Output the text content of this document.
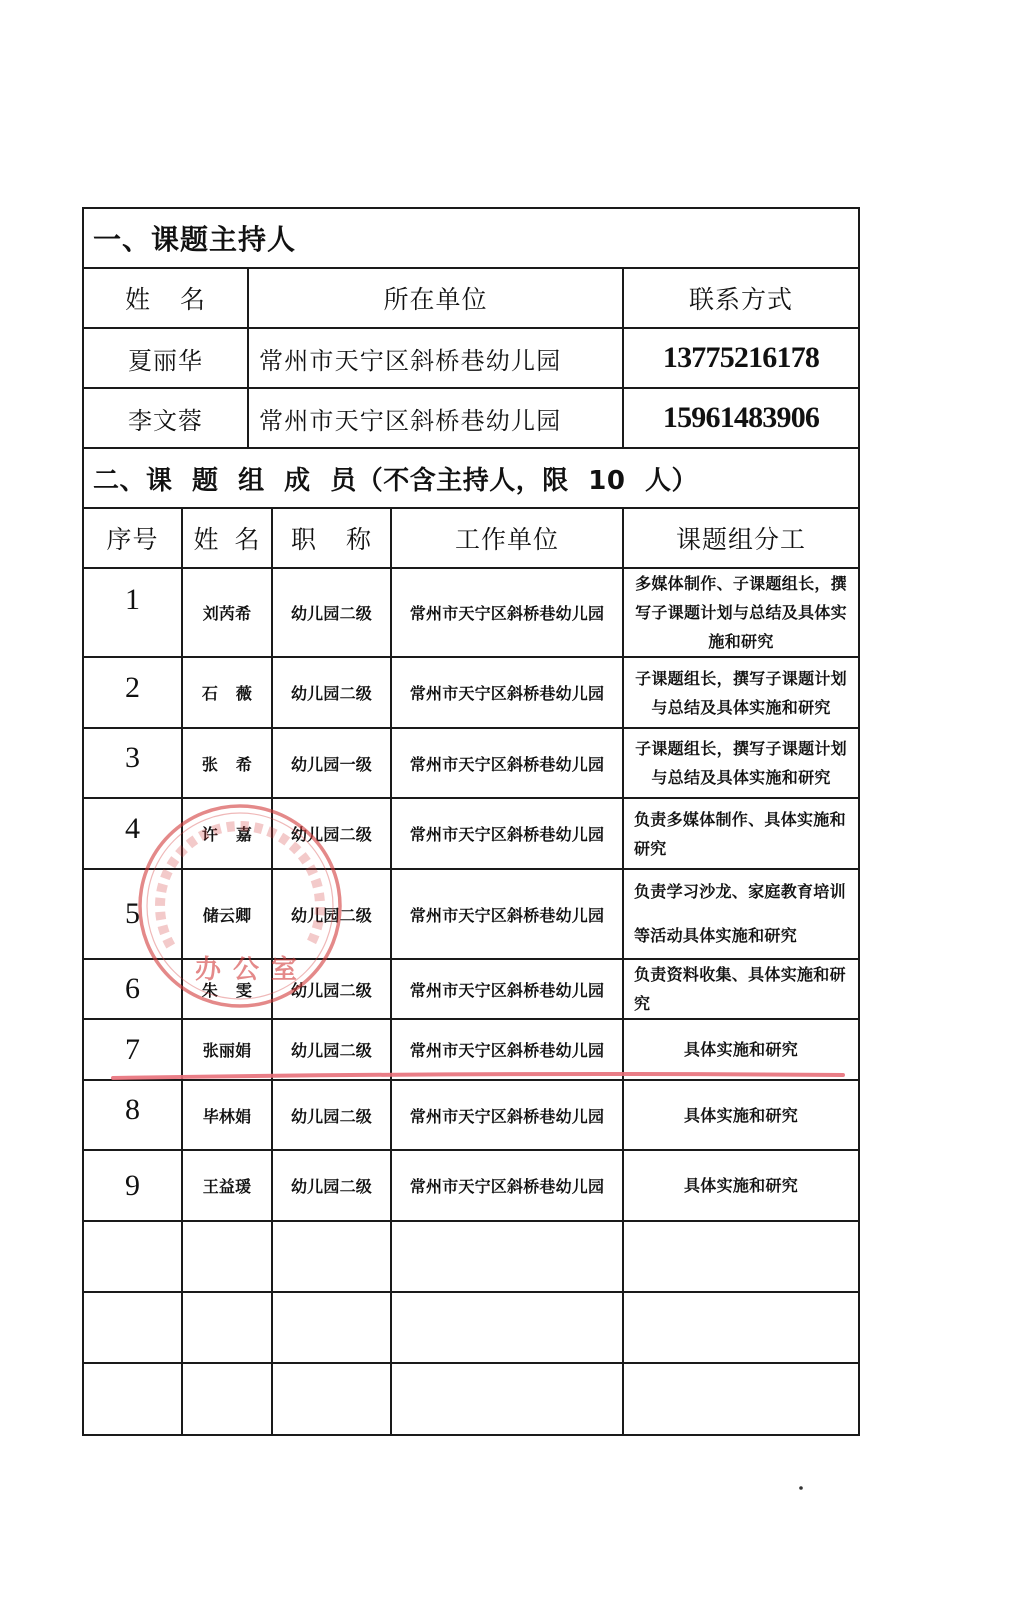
一、课题主持人		
姓 名	所在单位	联系方式
夏丽华	常州市天宁区斜桥巷幼儿园	13775216178
李文蓉	常州市天宁区斜桥巷幼儿园	15961483906
二、课 题 组 成 员（不含主持人，限 10 人）				
序号	姓 名	职 称	工作单位	课题组分工
1	刘芮希	幼儿园二级	常州市天宁区斜桥巷幼儿园	多媒体制作、子课题组长，撰写子课题计划与总结及具体实施和研究
2	石 薇	幼儿园二级	常州市天宁区斜桥巷幼儿园	子课题组长，撰写子课题计划与总结及具体实施和研究
3	张 希	幼儿园一级	常州市天宁区斜桥巷幼儿园	子课题组长，撰写子课题计划与总结及具体实施和研究
4	许 嘉	幼儿园二级	常州市天宁区斜桥巷幼儿园	负责多媒体制作、具体实施和研究
5	储云卿	幼儿园二级	常州市天宁区斜桥巷幼儿园	负责学习沙龙、家庭教育培训等活动具体实施和研究
6	朱 雯	幼儿园二级	常州市天宁区斜桥巷幼儿园	负责资料收集、具体实施和研究
7	张丽娟	幼儿园二级	常州市天宁区斜桥巷幼儿园	具体实施和研究
8	毕林娟	幼儿园二级	常州市天宁区斜桥巷幼儿园	具体实施和研究
9	王益瑗	幼儿园二级	常州市天宁区斜桥巷幼儿园	具体实施和研究

办公室
